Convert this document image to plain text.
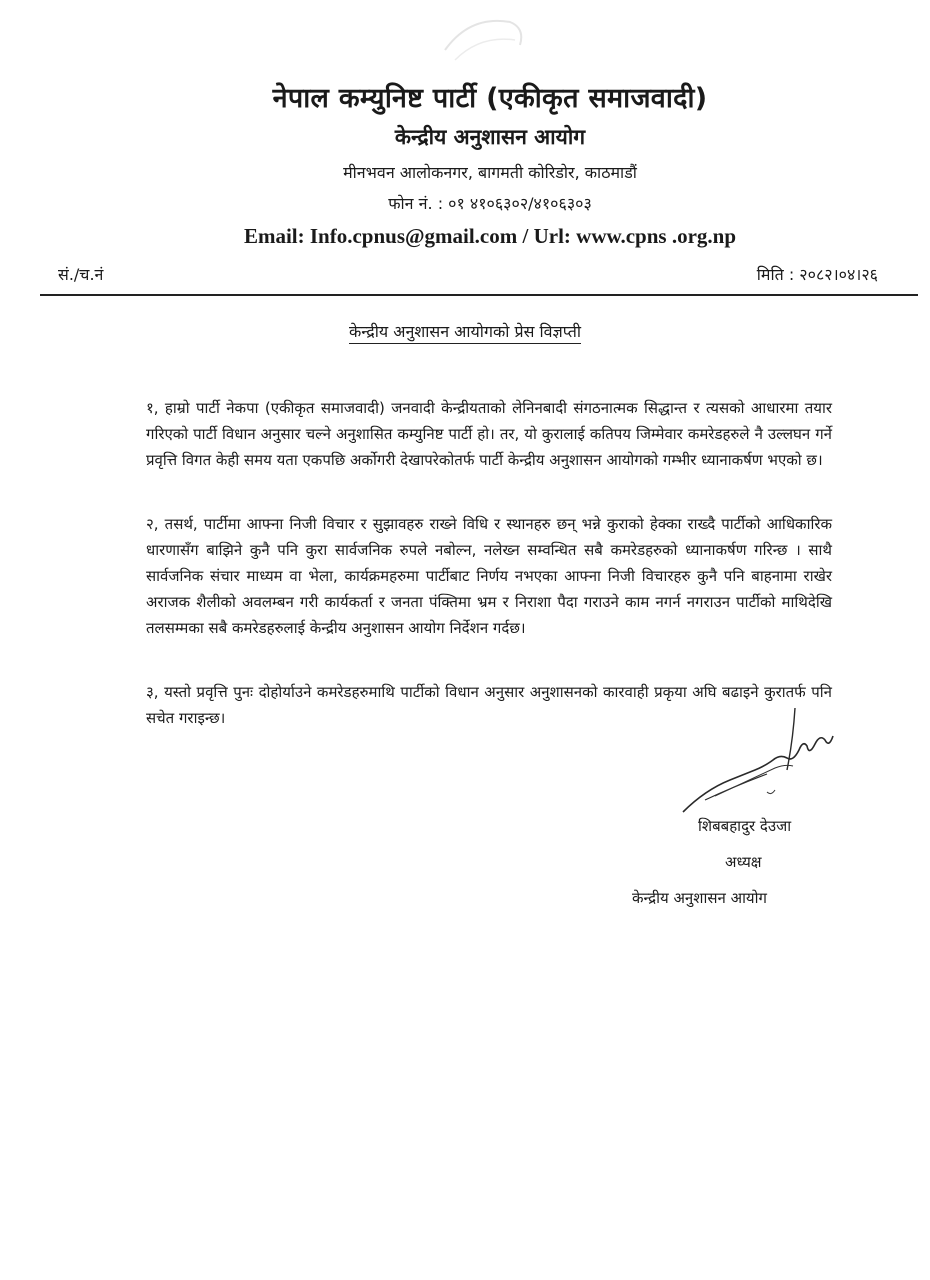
नेपाल कम्युनिष्ट पार्टी (एकीकृत समाजवादी)
केन्द्रीय अनुशासन आयोग
मीनभवन आलोकनगर, बागमती कोरिडोर, काठमाडौं
फोन नं. : ०१ ४१०६३०२/४१०६३०३
Email: Info.cpnus@gmail.com / Url: www.cpns .org.np
सं./च.नं	मिति : २०८२।०४।२६
केन्द्रीय अनुशासन आयोगको प्रेस विज्ञप्ती

१, हाम्रो पार्टी नेकपा (एकीकृत समाजवादी) जनवादी केन्द्रीयताको लेनिनबादी संगठनात्मक सिद्धान्त र त्यसको आधारमा तयार गरिएको पार्टी विधान अनुसार चल्ने अनुशासित कम्युनिष्ट पार्टी हो। तर, यो कुरालाई कतिपय जिम्मेवार कमरेडहरुले नै उल्लघन गर्ने प्रवृत्ति विगत केही समय यता एकपछि अर्कोगरी देखापरेकोतर्फ पार्टी केन्द्रीय अनुशासन आयोगको गम्भीर ध्यानाकर्षण भएको छ।

२, तसर्थ, पार्टीमा आफ्ना निजी विचार र सुझावहरु राख्ने विधि र स्थानहरु छन् भन्ने कुराको हेक्का राख्दै पार्टीको आधिकारिक धारणासँग बाझिने कुनै पनि कुरा सार्वजनिक रुपले नबोल्न, नलेख्न सम्वन्धित सबै कमरेडहरुको ध्यानाकर्षण गरिन्छ । साथै सार्वजनिक संचार माध्यम वा भेला, कार्यक्रमहरुमा पार्टीबाट निर्णय नभएका आफ्ना निजी विचारहरु कुनै पनि बाहनामा राखेर अराजक शैलीको अवलम्बन गरी कार्यकर्ता र जनता पंक्तिमा भ्रम र निराशा पैदा गराउने काम नगर्न नगराउन पार्टीको माथिदेखि तलसम्मका सबै कमरेडहरुलाई केन्द्रीय अनुशासन आयोग निर्देशन गर्दछ।

३, यस्तो प्रवृत्ति पुनः दोहोर्याउने कमरेडहरुमाथि पार्टीको विधान अनुसार अनुशासनको कारवाही प्रकृया अघि बढाइने कुरातर्फ पनि सचेत गराइन्छ।

शिबबहादुर देउजा
अध्यक्ष
केन्द्रीय अनुशासन आयोग
